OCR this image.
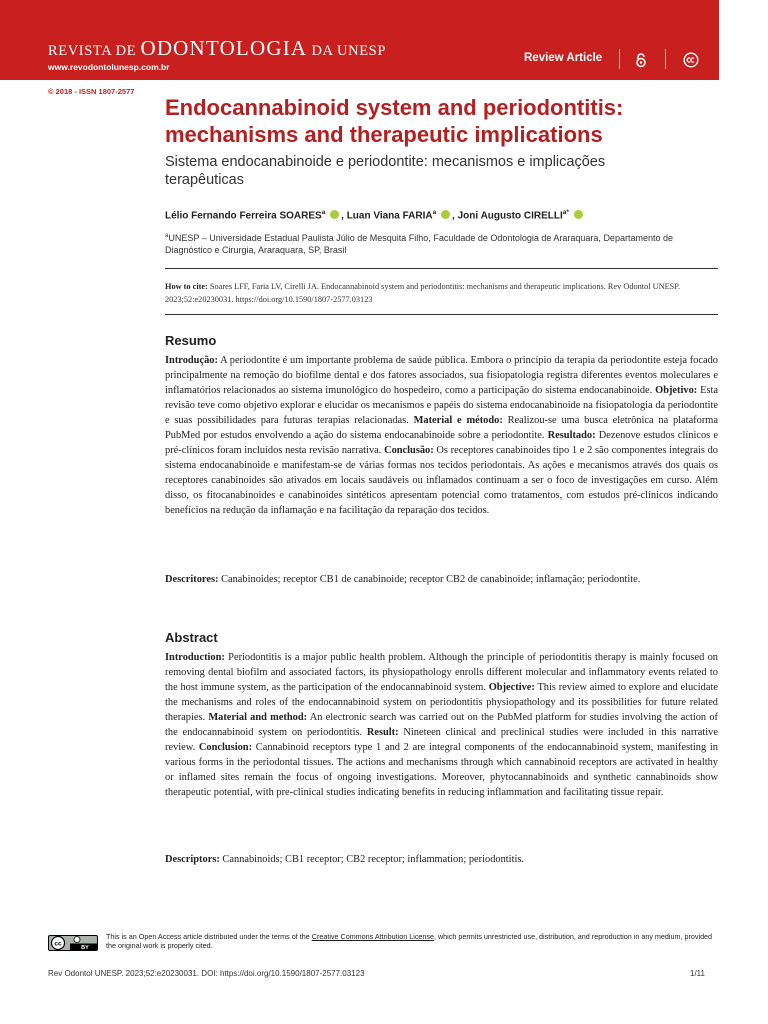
REVISTA DE ODONTOLOGIA DA UNESP
www.revodontolunesp.com.br
Review Article
© 2018 - ISSN 1807-2577
Endocannabinoid system and periodontitis: mechanisms and therapeutic implications

Sistema endocanabinoide e periodontite: mecanismos e implicações terapêuticas

Lélio Fernando Ferreira SOARES$^a$ , Luan Viana FARIA$^a$ , Joni Augusto $CIRELLI^{a*}$
$^a$UNESP – Universidade Estadual Paulista Júlio de Mesquita Filho, Faculdade de Odontologia de Araraquara, Departamento de Diagnóstico e Cirurgia, Araraquara, SP, Brasil
How to cite: Soares LFF, Faria LV, Cirelli JA. Endocannabinoid system and periodontitis: mechanisms and therapeutic implications. Rev Odontol UNESP. 2023;52:e20230031. https://doi.org/10.1590/1807-2577.03123
Resumo

Introdução: A periodontite é um importante problema de saúde pública. Embora o princípio da terapia da periodontite esteja focado principalmente na remoção do biofilme dental e dos fatores associados, sua fisiopatologia registra diferentes eventos moleculares e inflamatórios relacionados ao sistema imunológico do hospedeiro, como a participação do sistema endocanabinoide. Objetivo: Esta revisão teve como objetivo explorar e elucidar os mecanismos e papéis do sistema endocanabinoide na fisiopatologia da periodontite e suas possibilidades para futuras terapias relacionadas. Material e método: Realizou-se uma busca eletrônica na plataforma PubMed por estudos envolvendo a ação do sistema endocanabinoide sobre a periodontite. Resultado: Dezenove estudos clínicos e pré-clínicos foram incluídos nesta revisão narrativa. Conclusão: Os receptores canabinoides tipo 1 e 2 são componentes integrais do sistema endocanabinoide e manifestam-se de várias formas nos tecidos periodontais. As ações e mecanismos através dos quais os receptores canabinoides são ativados em locais saudáveis ou inflamados continuam a ser o foco de investigações em curso. Além disso, os fitocanabinoides e canabinoides sintéticos apresentam potencial como tratamentos, com estudos pré-clínicos indicando benefícios na redução da inflamação e na facilitação da reparação dos tecidos.

Descritores: Canabinoides; receptor CB1 de canabinoide; receptor CB2 de canabinoide; inflamação; periodontite.

Abstract

Introduction: Periodontitis is a major public health problem. Although the principle of periodontitis therapy is mainly focused on removing dental biofilm and associated factors, its physiopathology enrolls different molecular and inflammatory events related to the host immune system, as the participation of the endocannabinoid system. Objective: This review aimed to explore and elucidate the mechanisms and roles of the endocannabinoid system on periodontitis physiopathology and its possibilities for future related therapies. Material and method: An electronic search was carried out on the PubMed platform for studies involving the action of the endocannabinoid system on periodontitis. Result: Nineteen clinical and preclinical studies were included in this narrative review. Conclusion: Cannabinoid receptors type 1 and 2 are integral components of the endocannabinoid system, manifesting in various forms in the periodontal tissues. The actions and mechanisms through which cannabinoid receptors are activated in healthy or inflamed sites remain the focus of ongoing investigations. Moreover, phytocannabinoids and synthetic cannabinoids show therapeutic potential, with pre-clinical studies indicating benefits in reducing inflammation and facilitating tissue repair.

Descriptors: Cannabinoids; CB1 receptor; CB2 receptor; inflammation; periodontitis.

cc
BY
This is an Open Access article distributed under the terms of the Creative Commons Attribution License, which permits unrestricted use, distribution, and reproduction in any medium, provided the original work is properly cited.
Rev Odontol UNESP. 2023;52:e20230031. DOI: https://doi.org/10.1590/1807-2577.03123	1/11
